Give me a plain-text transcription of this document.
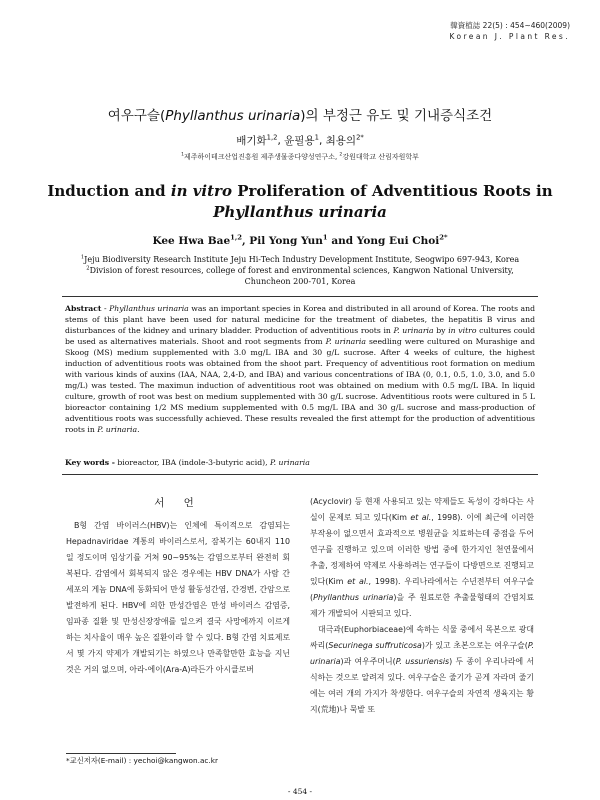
韓資植誌 22(5) : 454~460(2009)
Korean J. Plant Res.
여우구슬(Phyllanthus urinaria)의 부정근 유도 및 기내증식조건
배기화$^{1,2}$, 윤필용$^1$, 최용의$^{2*}$
$^1$제주하이테크산업진흥원 제주생물종다양성연구소, $^2$강원대학교 산림자원학부
Induction and in vitro Proliferation of Adventitious Roots in
Phyllanthus urinaria
Kee Hwa Bae$^{1,2}$, Pil Yong Yun$^1$ and Yong Eui Choi$^{2*}$
$^1$Jeju Biodiversity Research Institute Jeju Hi-Tech Industry Development Institute, Seogwipo 697-943, Korea
$^2$Division of forest resources, college of forest and environmental sciences, Kangwon National University,
Chuncheon 200-701, Korea
Abstract - Phyllanthus urinaria was an important species in Korea and distributed in all around of Korea. The roots and stems of this plant have been used for natural medicine for the treatment of diabetes, the hepatitis B virus and disturbances of the kidney and urinary bladder. Production of adventitious roots in P. urinaria by in vitro cultures could be used as alternatives materials. Shoot and root segments from P. urinaria seedling were cultured on Murashige and Skoog (MS) medium supplemented with 3.0 mg/L IBA and 30 g/L sucrose. After 4 weeks of culture, the highest induction of adventitious roots was obtained from the shoot part. Frequency of adventitious root formation on medium with various kinds of auxins (IAA, NAA, 2,4-D, and IBA) and various concentrations of IBA (0, 0.1, 0.5, 1.0, 3.0, and 5.0 mg/L) was tested. The maximun induction of adventitious root was obtained on medium with 0.5 mg/L IBA. In liquid culture, growth of root was best on medium supplemented with 30 g/L sucrose. Adventitious roots were cultured in 5 L bioreactor containing 1/2 MS medium supplemented with 0.5 mg/L IBA and 30 g/L sucrose and mass-production of adventitious roots was successfully achieved. These results revealed the first attempt for the production of adventitious roots in P. urinaria.
Key words - bioreactor, IBA (indole-3-butyric acid), P. urinaria
서 언

B형 간염 바이러스(HBV)는 인체에 특이적으로 감염되는 Hepadnaviridae 계통의 바이러스로서, 잠복기는 60내지 110일 정도이며 임상기를 거쳐 90~95%는 감염으로부터 완전히 회복된다. 감염에서 회복되지 않은 경우에는 HBV DNA가 사람 간세포의 게놈 DNA에 동화되어 만성 활동성간염, 간경변, 간암으로 발전하게 된다. HBV에 의한 만성간염은 만성 바이러스 감염증, 임파종 질환 및 만성신장장애를 일으켜 결국 사망에까지 이르게 하는 치사율이 매우 높은 질환이라 할 수 있다. B형 간염 치료제로서 몇 가지 약제가 개발되기는 하였으나 만족할만한 효능을 지닌 것은 거의 없으며, 아라-에이(Ara-A)라든가 아시클로버

(Acyclovir) 등 현재 사용되고 있는 약제들도 독성이 강하다는 사실이 문제로 되고 있다(Kim et al., 1998). 이에 최근에 이러한 부작용이 없으면서 효과적으로 병원균을 치료하는데 중점을 두어 연구를 진행하고 있으며 이러한 방법 중에 한가지인 천연물에서 추출, 정제하여 약제로 사용하려는 연구들이 다방면으로 진행되고 있다(Kim et al., 1998). 우리나라에서는 수년전부터 여우구슬(Phyllanthus urinaria)을 주 원료로한 추출물형태의 간염치료제가 개발되어 시판되고 있다.

대극과(Euphorbiaceae)에 속하는 식물 중에서 목본으로 광대싸리(Securinega suffruticosa)가 있고 초본으로는 여우구슬(P. urinaria)과 여우주머니(P. ussuriensis) 두 종이 우리나라에 서식하는 것으로 알려져 있다. 여우구슬은 줄기가 곧게 자라며 줄기에는 여러 개의 가지가 착생한다. 여우구슬의 자연적 생육지는 황지(荒地)나 묵밭 또

*교신저자(E-mail) : yechoi@kangwon.ac.kr
- 454 -
